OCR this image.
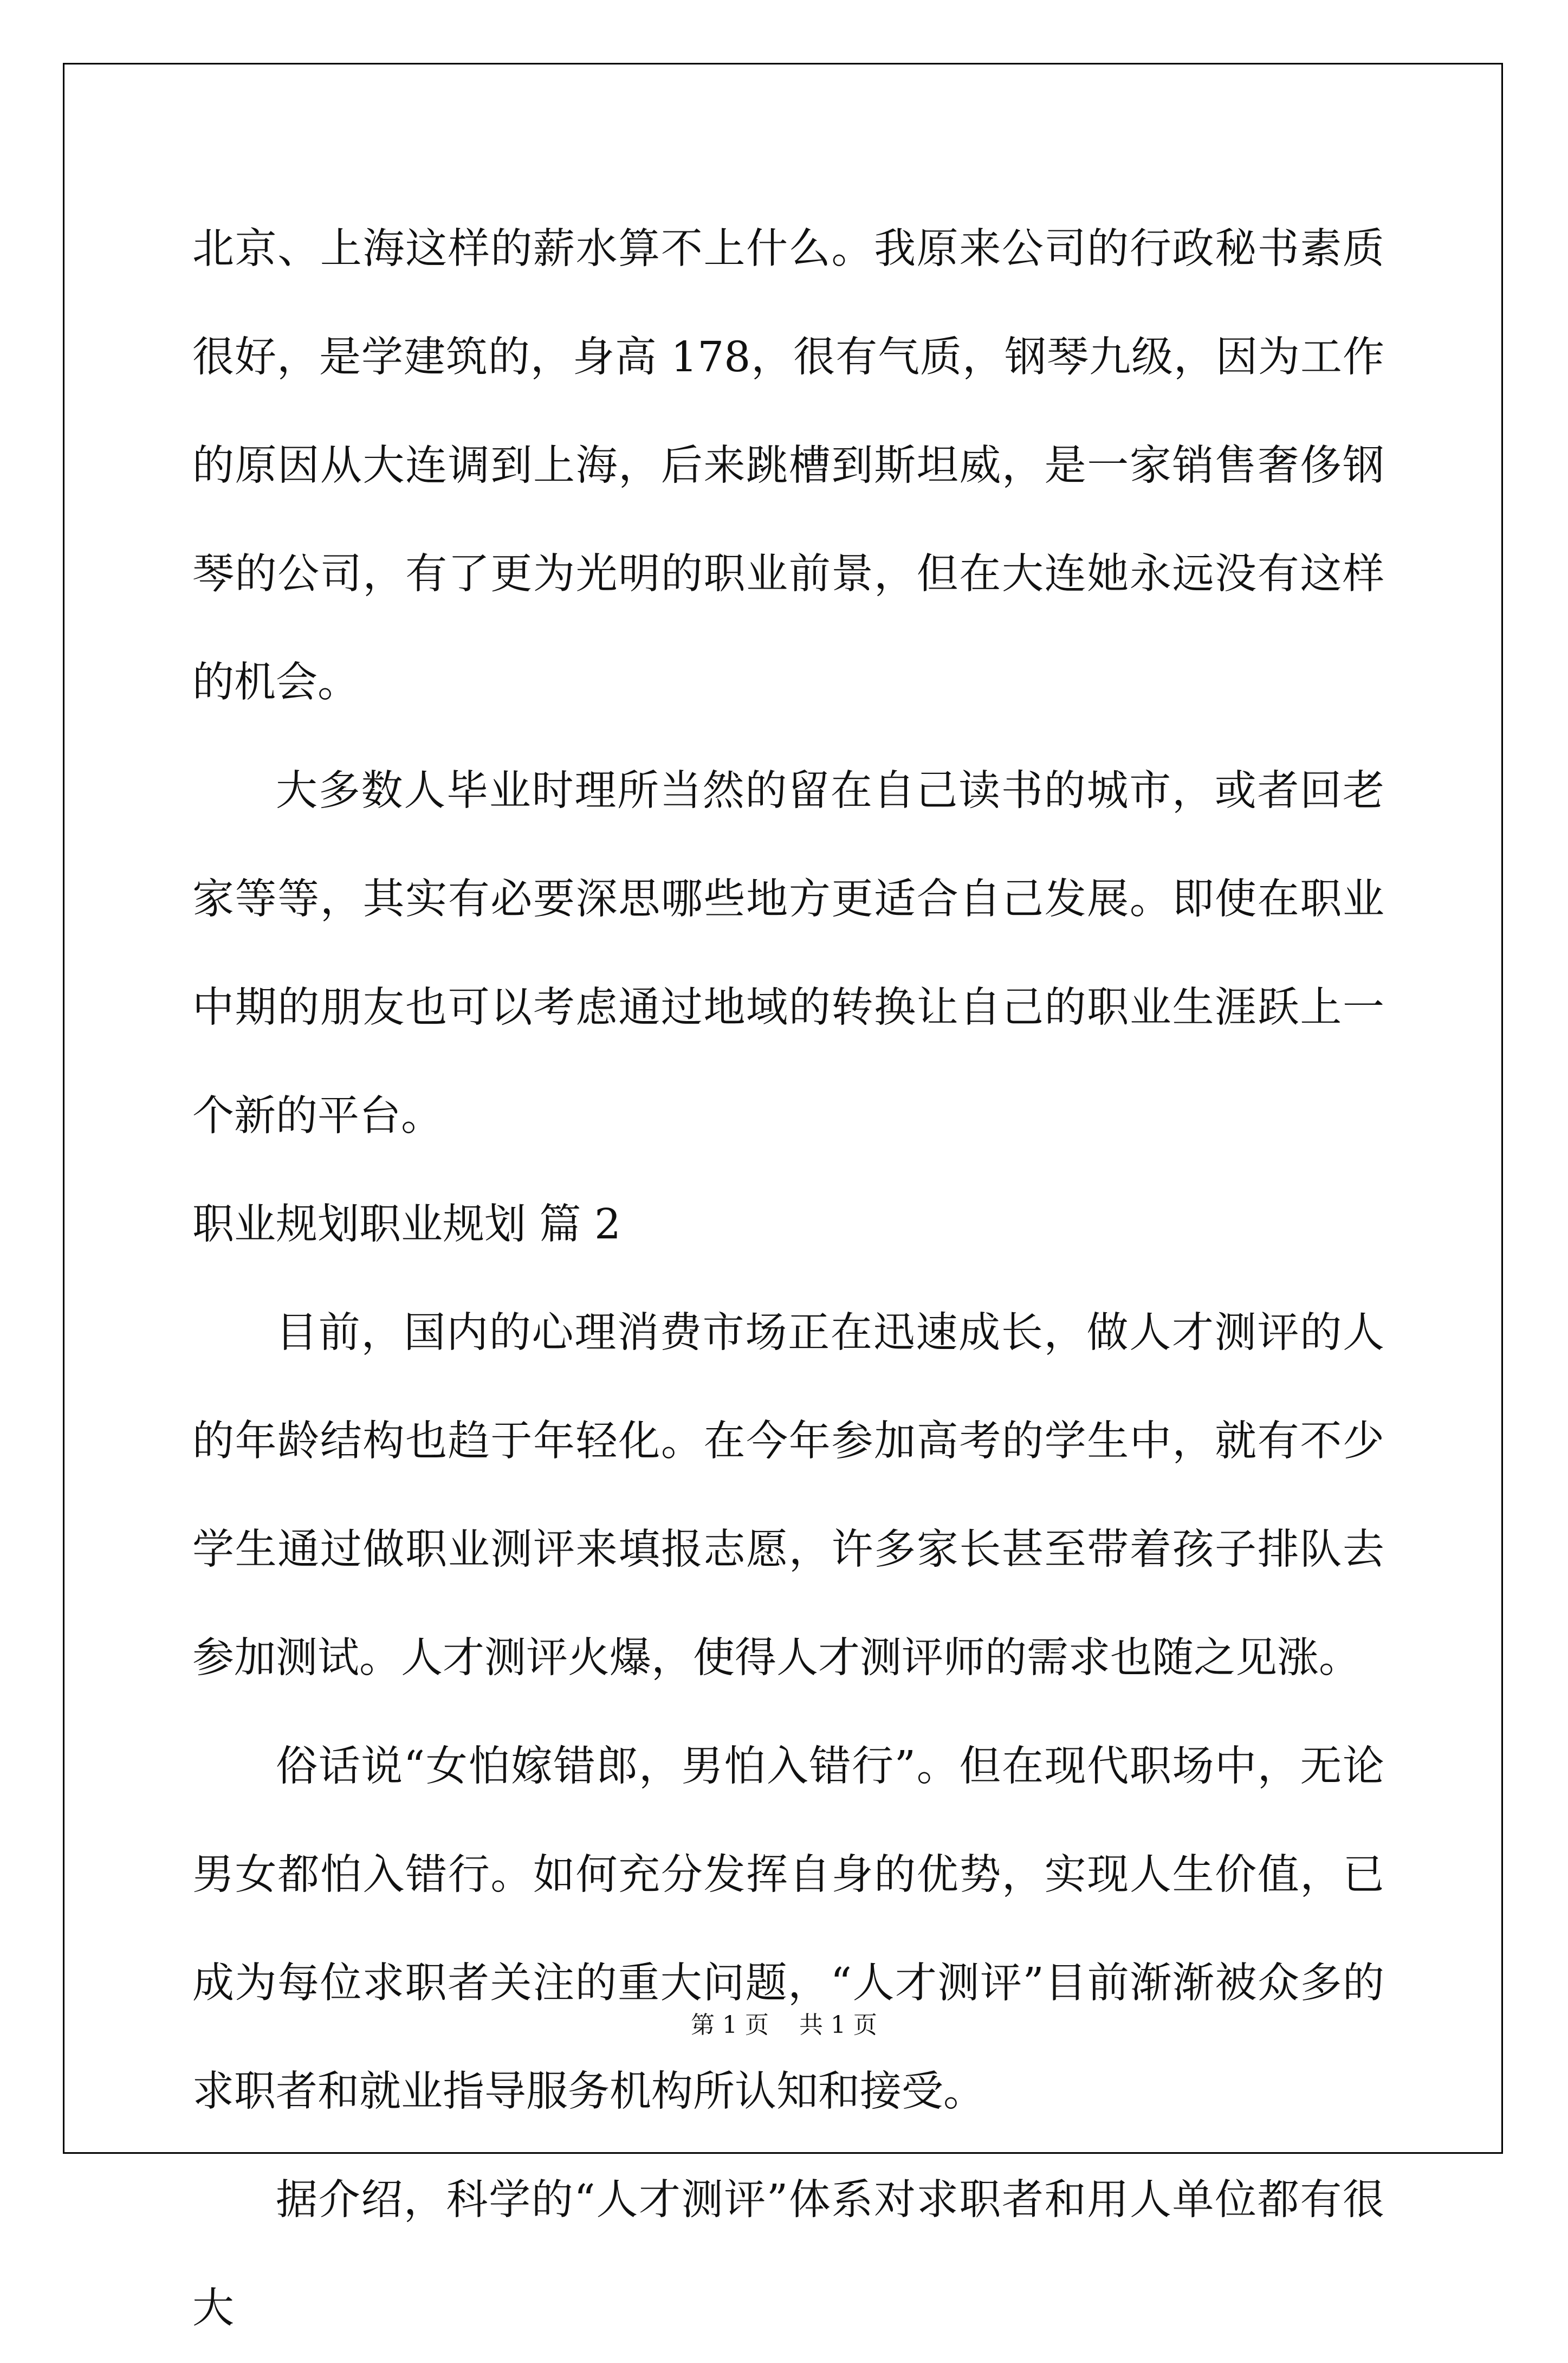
北京、上海这样的薪水算不上什么。我原来公司的行政秘书素质很好，是学建筑的，身高 178，很有气质，钢琴九级，因为工作的原因从大连调到上海，后来跳槽到斯坦威，是一家销售奢侈钢琴的公司，有了更为光明的职业前景，但在大连她永远没有这样的机会。

大多数人毕业时理所当然的留在自己读书的城市，或者回老家等等，其实有必要深思哪些地方更适合自己发展。即使在职业中期的朋友也可以考虑通过地域的转换让自己的职业生涯跃上一个新的平台。

职业规划职业规划 篇 2

目前，国内的心理消费市场正在迅速成长，做人才测评的人的年龄结构也趋于年轻化。在今年参加高考的学生中，就有不少学生通过做职业测评来填报志愿，许多家长甚至带着孩子排队去参加测试。人才测评火爆，使得人才测评师的需求也随之见涨。

俗话说“女怕嫁错郎，男怕入错行”。但在现代职场中，无论男女都怕入错行。如何充分发挥自身的优势，实现人生价值，已成为每位求职者关注的重大问题，“人才测评”目前渐渐被众多的求职者和就业指导服务机构所认知和接受。

据介绍，科学的“人才测评”体系对求职者和用人单位都有很大

第 1 页    共 1 页
